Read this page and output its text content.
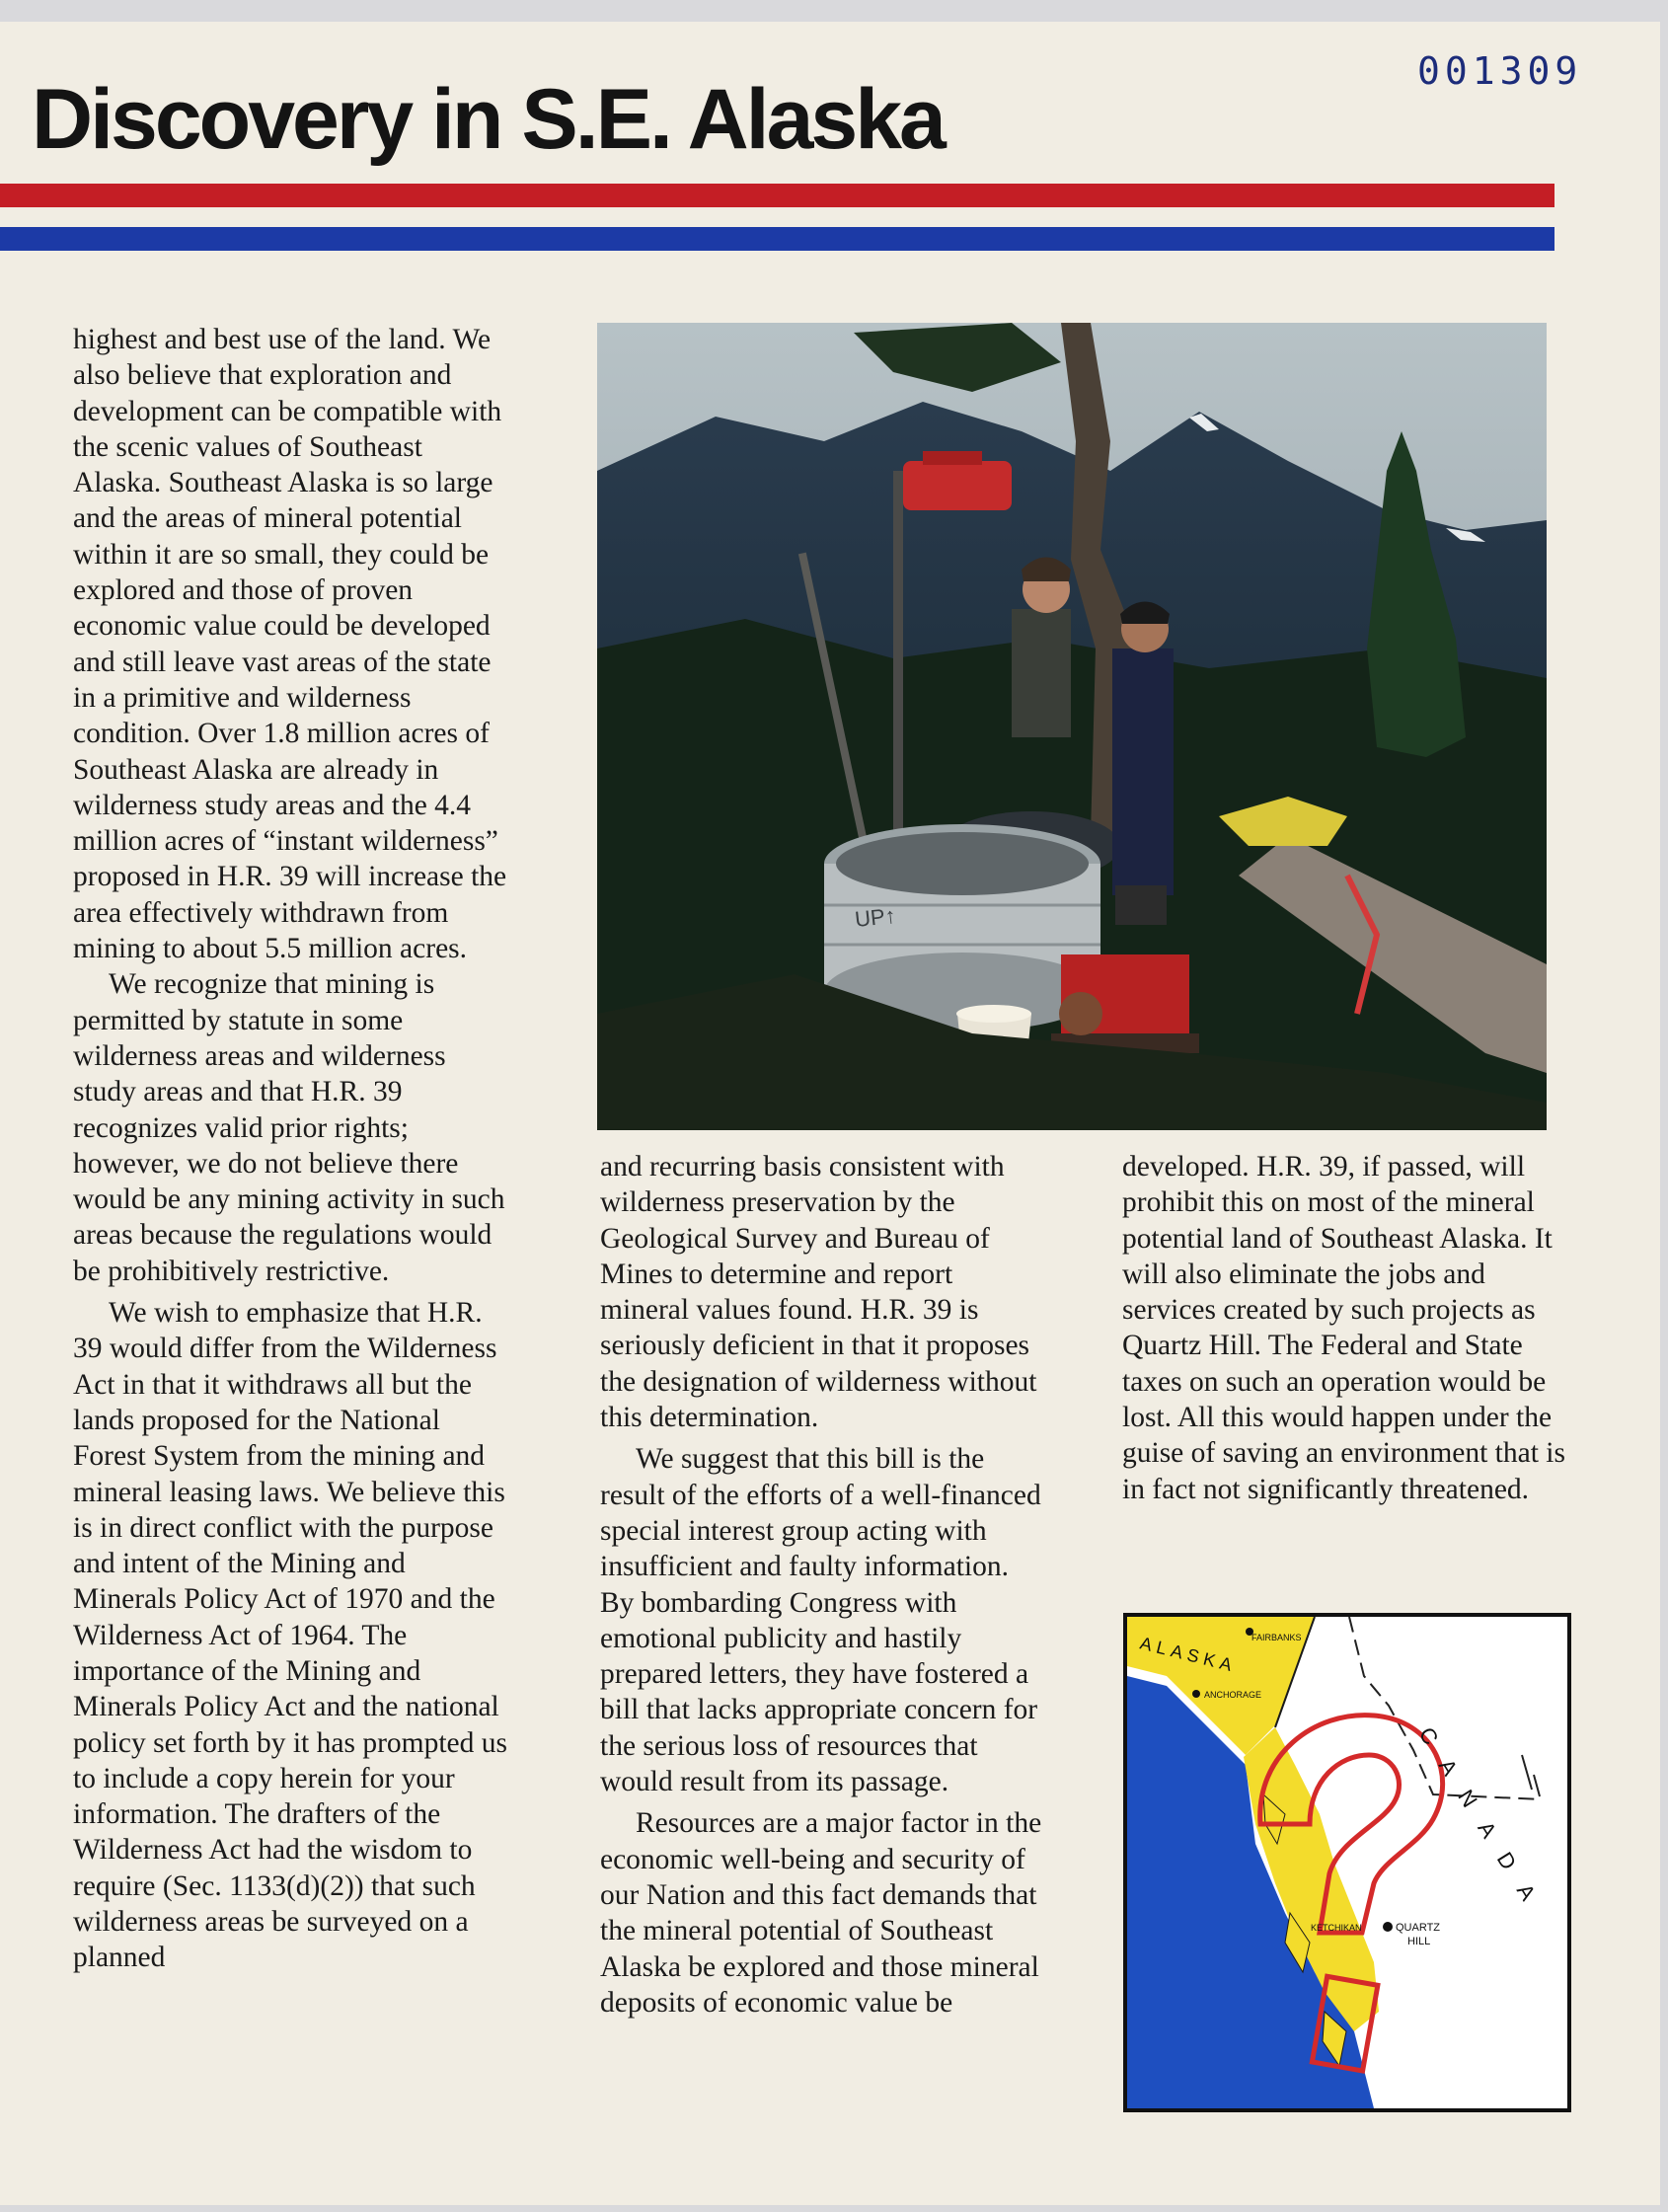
001309
Discovery in S.E. Alaska

highest and best use of the land. We also believe that exploration and development can be compatible with the scenic values of Southeast Alaska. Southeast Alaska is so large and the areas of mineral potential within it are so small, they could be explored and those of proven economic value could be developed and still leave vast areas of the state in a primitive and wilderness condition. Over 1.8 million acres of Southeast Alaska are already in wilderness study areas and the 4.4 million acres of “instant wilderness” proposed in H.R. 39 will increase the area effectively withdrawn from mining to about 5.5 million acres.

We recognize that mining is permitted by statute in some wilderness areas and wilderness study areas and that H.R. 39 recognizes valid prior rights; however, we do not believe there would be any mining activity in such areas because the regulations would be prohibitively restrictive.

We wish to emphasize that H.R. 39 would differ from the Wilderness Act in that it withdraws all but the lands proposed for the National Forest System from the mining and mineral leasing laws. We believe this is in direct conflict with the purpose and intent of the Mining and Minerals Policy Act of 1970 and the Wilderness Act of 1964. The importance of the Mining and Minerals Policy Act and the national policy set forth by it has prompted us to include a copy herein for your information. The drafters of the Wilderness Act had the wisdom to require (Sec. 1133(d)(2)) that such wilderness areas be surveyed on a planned

UP↑

and recurring basis consistent with wilderness preservation by the Geological Survey and Bureau of Mines to determine and report mineral values found. H.R. 39 is seriously deficient in that it proposes the designation of wilderness without this determination.

We suggest that this bill is the result of the efforts of a well-financed special interest group acting with insufficient and faulty information. By bombarding Congress with emotional publicity and hastily prepared letters, they have fostered a bill that lacks appropriate concern for the serious loss of resources that would result from its passage.

Resources are a major factor in the economic well-being and security of our Nation and this fact demands that the mineral potential of Southeast Alaska be explored and those mineral deposits of economic value be

developed. H.R. 39, if passed, will prohibit this on most of the mineral potential land of Southeast Alaska. It will also eliminate the jobs and services created by such projects as Quartz Hill. The Federal and State taxes on such an operation would be lost. All this would happen under the guise of saving an environment that is in fact not significantly threatened.

FAIRBANKS
ANCHORAGE
ALASKA
CANADA
KETCHIKAN	QUARTZ
HILL
